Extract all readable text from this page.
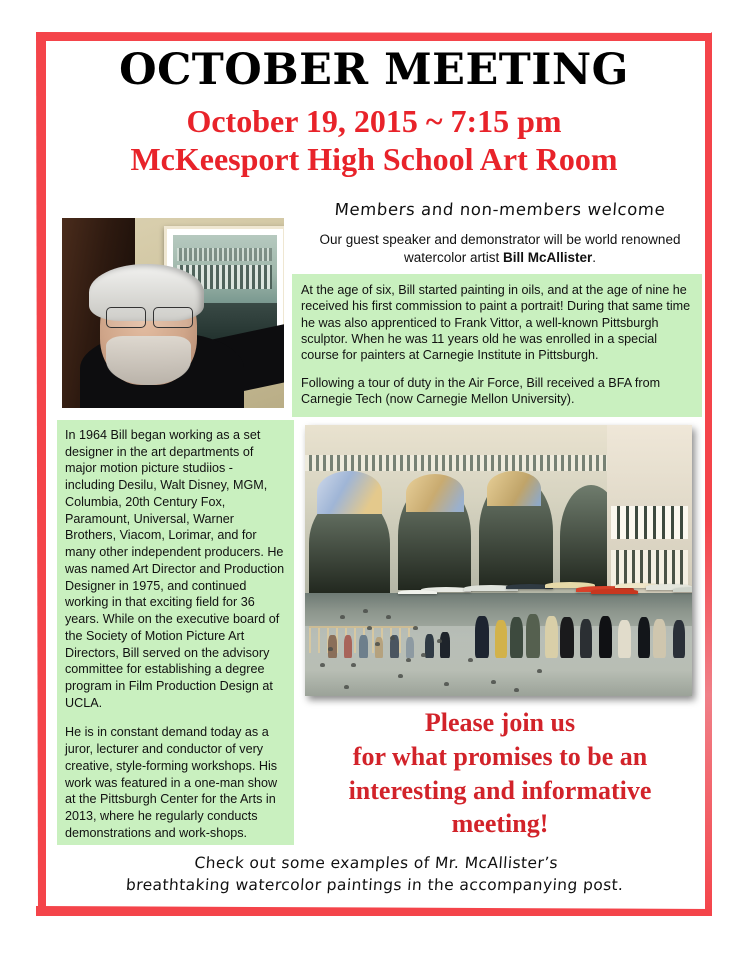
OCTOBER MEETING
October 19, 2015 ~ 7:15 pm
McKeesport High School Art Room
Members and non-members welcome
Our guest speaker and demonstrator will be world renowned
watercolor artist Bill McAllister.

At the age of six, Bill started painting in oils, and at the age of nine he received his first commission to paint a portrait! During that same time he was also apprenticed to Frank Vittor, a well-known Pittsburgh sculptor. When he was 11 years old he was enrolled in a special course for painters at Carnegie Institute in Pittsburgh.

Following a tour of duty in the Air Force, Bill received a BFA from Carnegie Tech (now Carnegie Mellon University).

In 1964 Bill began working as a set designer in the art departments of major motion picture studiios - including Desilu, Walt Disney, MGM, Columbia, 20th Century Fox, Paramount, Universal, Warner Brothers, Viacom, Lorimar, and for many other independent producers. He was named Art Director and Production Designer in 1975, and continued working in that exciting field for 36 years. While on the executive board of the Society of Motion Picture Art Directors, Bill served on the advisory committee for establishing a degree program in Film Production Design at UCLA.

He is in constant demand today as a juror, lecturer and conductor of very creative, style-forming workshops. His work was featured in a one-man show at the Pittsburgh Center for the Arts in 2013, where he regularly conducts demonstrations and work-shops.

Please join us
for what promises to be an
interesting and informative
meeting!
Check out some examples of Mr. McAllister’s
breathtaking watercolor paintings in the accompanying post.
